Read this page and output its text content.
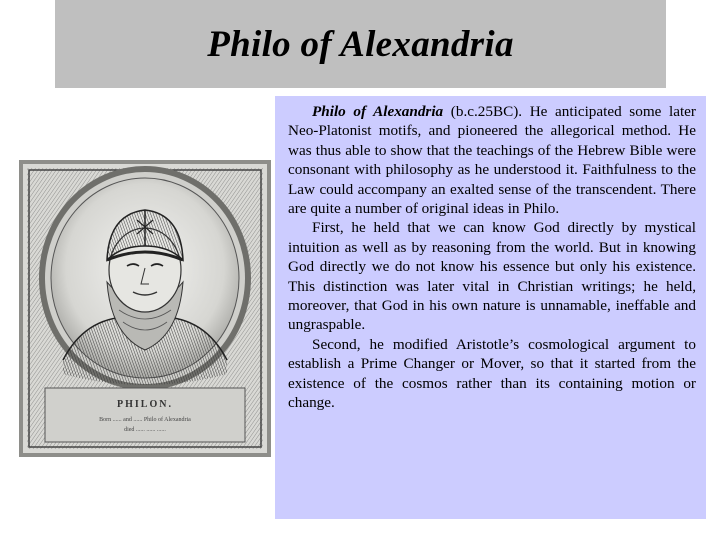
Philo of Alexandria
PHILON.
Born ...... and ...... Philo of Alexandria
died ...... ...... ......

Philo of Alexandria (b.c.25BC). He anticipated some later Neo-Platonist motifs, and pioneered the allegorical method. He was thus able to show that the teachings of the Hebrew Bible were consonant with philosophy as he understood it. Faithfulness to the Law could accompany an exalted sense of the transcendent. There are quite a number of original ideas in Philo.

First, he held that we can know God directly by mystical intuition as well as by reasoning from the world. But in knowing God directly we do not know his essence but only his existence. This distinction was later vital in Christian writings; he held, moreover, that God in his own nature is unnamable, ineffable and ungraspable.

Second, he modified Aristotle’s cosmological argument to establish a Prime Changer or Mover, so that it started from the existence of the cosmos rather than its containing motion or change.
